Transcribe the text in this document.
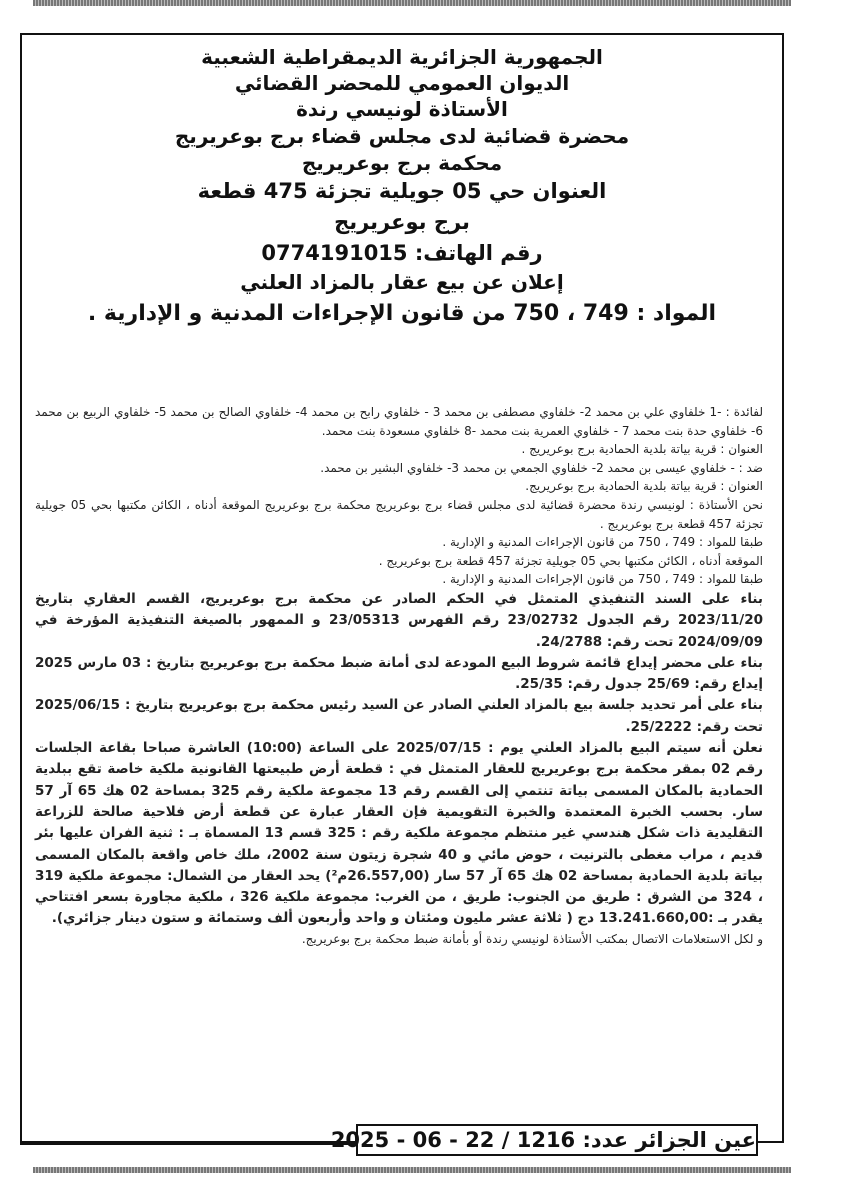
الجمهورية الجزائرية الديمقراطية الشعبية
الديوان العمومي للمحضر القضائي
الأستاذة لونيسي رندة
محضرة قضائية لدى مجلس قضاء برج بوعريريج
محكمة برج بوعريريج
العنوان حي 05 جويلية تجزئة 475 قطعة
برج بوعريريج
رقم الهاتف: 0774191015
إعلان عن بيع عقار بالمزاد العلني
المواد : 749 ، 750 من قانون الإجراءات المدنية و الإدارية .

لفائدة : -1 خلفاوي علي بن محمد 2- خلفاوي مصطفى بن محمد 3 - خلفاوي رابح بن محمد 4- خلفاوي الصالح بن محمد 5- خلفاوي الربيع بن محمد 6- خلفاوي حدة بنت محمد 7 - خلفاوي العمرية بنت محمد -8 خلفاوي مسعودة بنت محمد.

العنوان : قرية بياتة بلدية الحمادية برج بوعريريج .

ضد : - خلفاوي عيسى بن محمد 2- خلفاوي الجمعي بن محمد 3- خلفاوي البشير بن محمد.

العنوان : قرية بياتة بلدية الحمادية برج بوعريريج.

نحن الأستاذة : لونيسي رندة محضرة قضائية لدى مجلس قضاء برج بوعريريج محكمة برج بوعريريج الموقعة أدناه ، الكائن مكتبها بحي 05 جويلية تجزئة 457 قطعة برج بوعريريج .

طبقا للمواد : 749 ، 750 من قانون الإجراءات المدنية و الإدارية .

الموقعة أدناه ، الكائن مكتبها بحي 05 جويلية تجزئة 457 قطعة برج بوعريريج .

طبقا للمواد : 749 ، 750 من قانون الإجراءات المدنية و الإدارية .

بناء على السند التنفيذي المتمثل في الحكم الصادر عن محكمة برج بوعريريج، القسم العقاري بتاريخ 2023/11/20 رقم الجدول 23/02732 رقم الفهرس 23/05313 و الممهور بالصيغة التنفيذية المؤرخة في 2024/09/09 تحت رقم: 24/2788.

بناء على محضر إيداع قائمة شروط البيع المودعة لدى أمانة ضبط محكمة برج بوعريريج بتاريخ : 03 مارس 2025 إيداع رقم: 25/69 جدول رقم: 25/35.

بناء على أمر تحديد جلسة بيع بالمزاد العلني الصادر عن السيد رئيس محكمة برج بوعريريج بتاريخ : 2025/06/15 تحت رقم: 25/2222.

نعلن أنه سيتم البيع بالمزاد العلني يوم : 2025/07/15 على الساعة (10:00) العاشرة صباحا بقاعة الجلسات رقم 02 بمقر محكمة برج بوعريريج للعقار المتمثل في : قطعة أرض طبيعتها القانونية ملكية خاصة تقع ببلدية الحمادية بالمكان المسمى بياتة تنتمي إلى القسم رقم 13 مجموعة ملكية رقم 325 بمساحة 02 هك 65 آر 57 سار. بحسب الخبرة المعتمدة والخبرة التقويمية فإن العقار عبارة عن قطعة أرض فلاحية صالحة للزراعة التقليدية ذات شكل هندسي غير منتظم مجموعة ملكية رقم : 325 قسم 13 المسماة بـ : ثنية الفران عليها بئر قديم ، مراب مغطى بالترنيت ، حوض مائي و 40 شجرة زيتون سنة 2002، ملك خاص واقعة بالمكان المسمى بياتة بلدية الحمادية بمساحة 02 هك 65 آر 57 سار (26.557,00م²) يحد العقار من الشمال: مجموعة ملكية 319 ، 324 من الشرق : طريق من الجنوب: طريق ، من الغرب: مجموعة ملكية 326 ، ملكية مجاورة بسعر افتتاحي يقدر بـ :13.241.660,00 دج ( ثلاثة عشر مليون ومئتان و واحد وأربعون ألف وستمائة و ستون دينار جزائري).

و لكل الاستعلامات الاتصال بمكتب الأستاذة لونيسي رندة أو بأمانة ضبط محكمة برج بوعريريج.

عين الجزائر عدد: 1216 / 22 - 06 - 2025
